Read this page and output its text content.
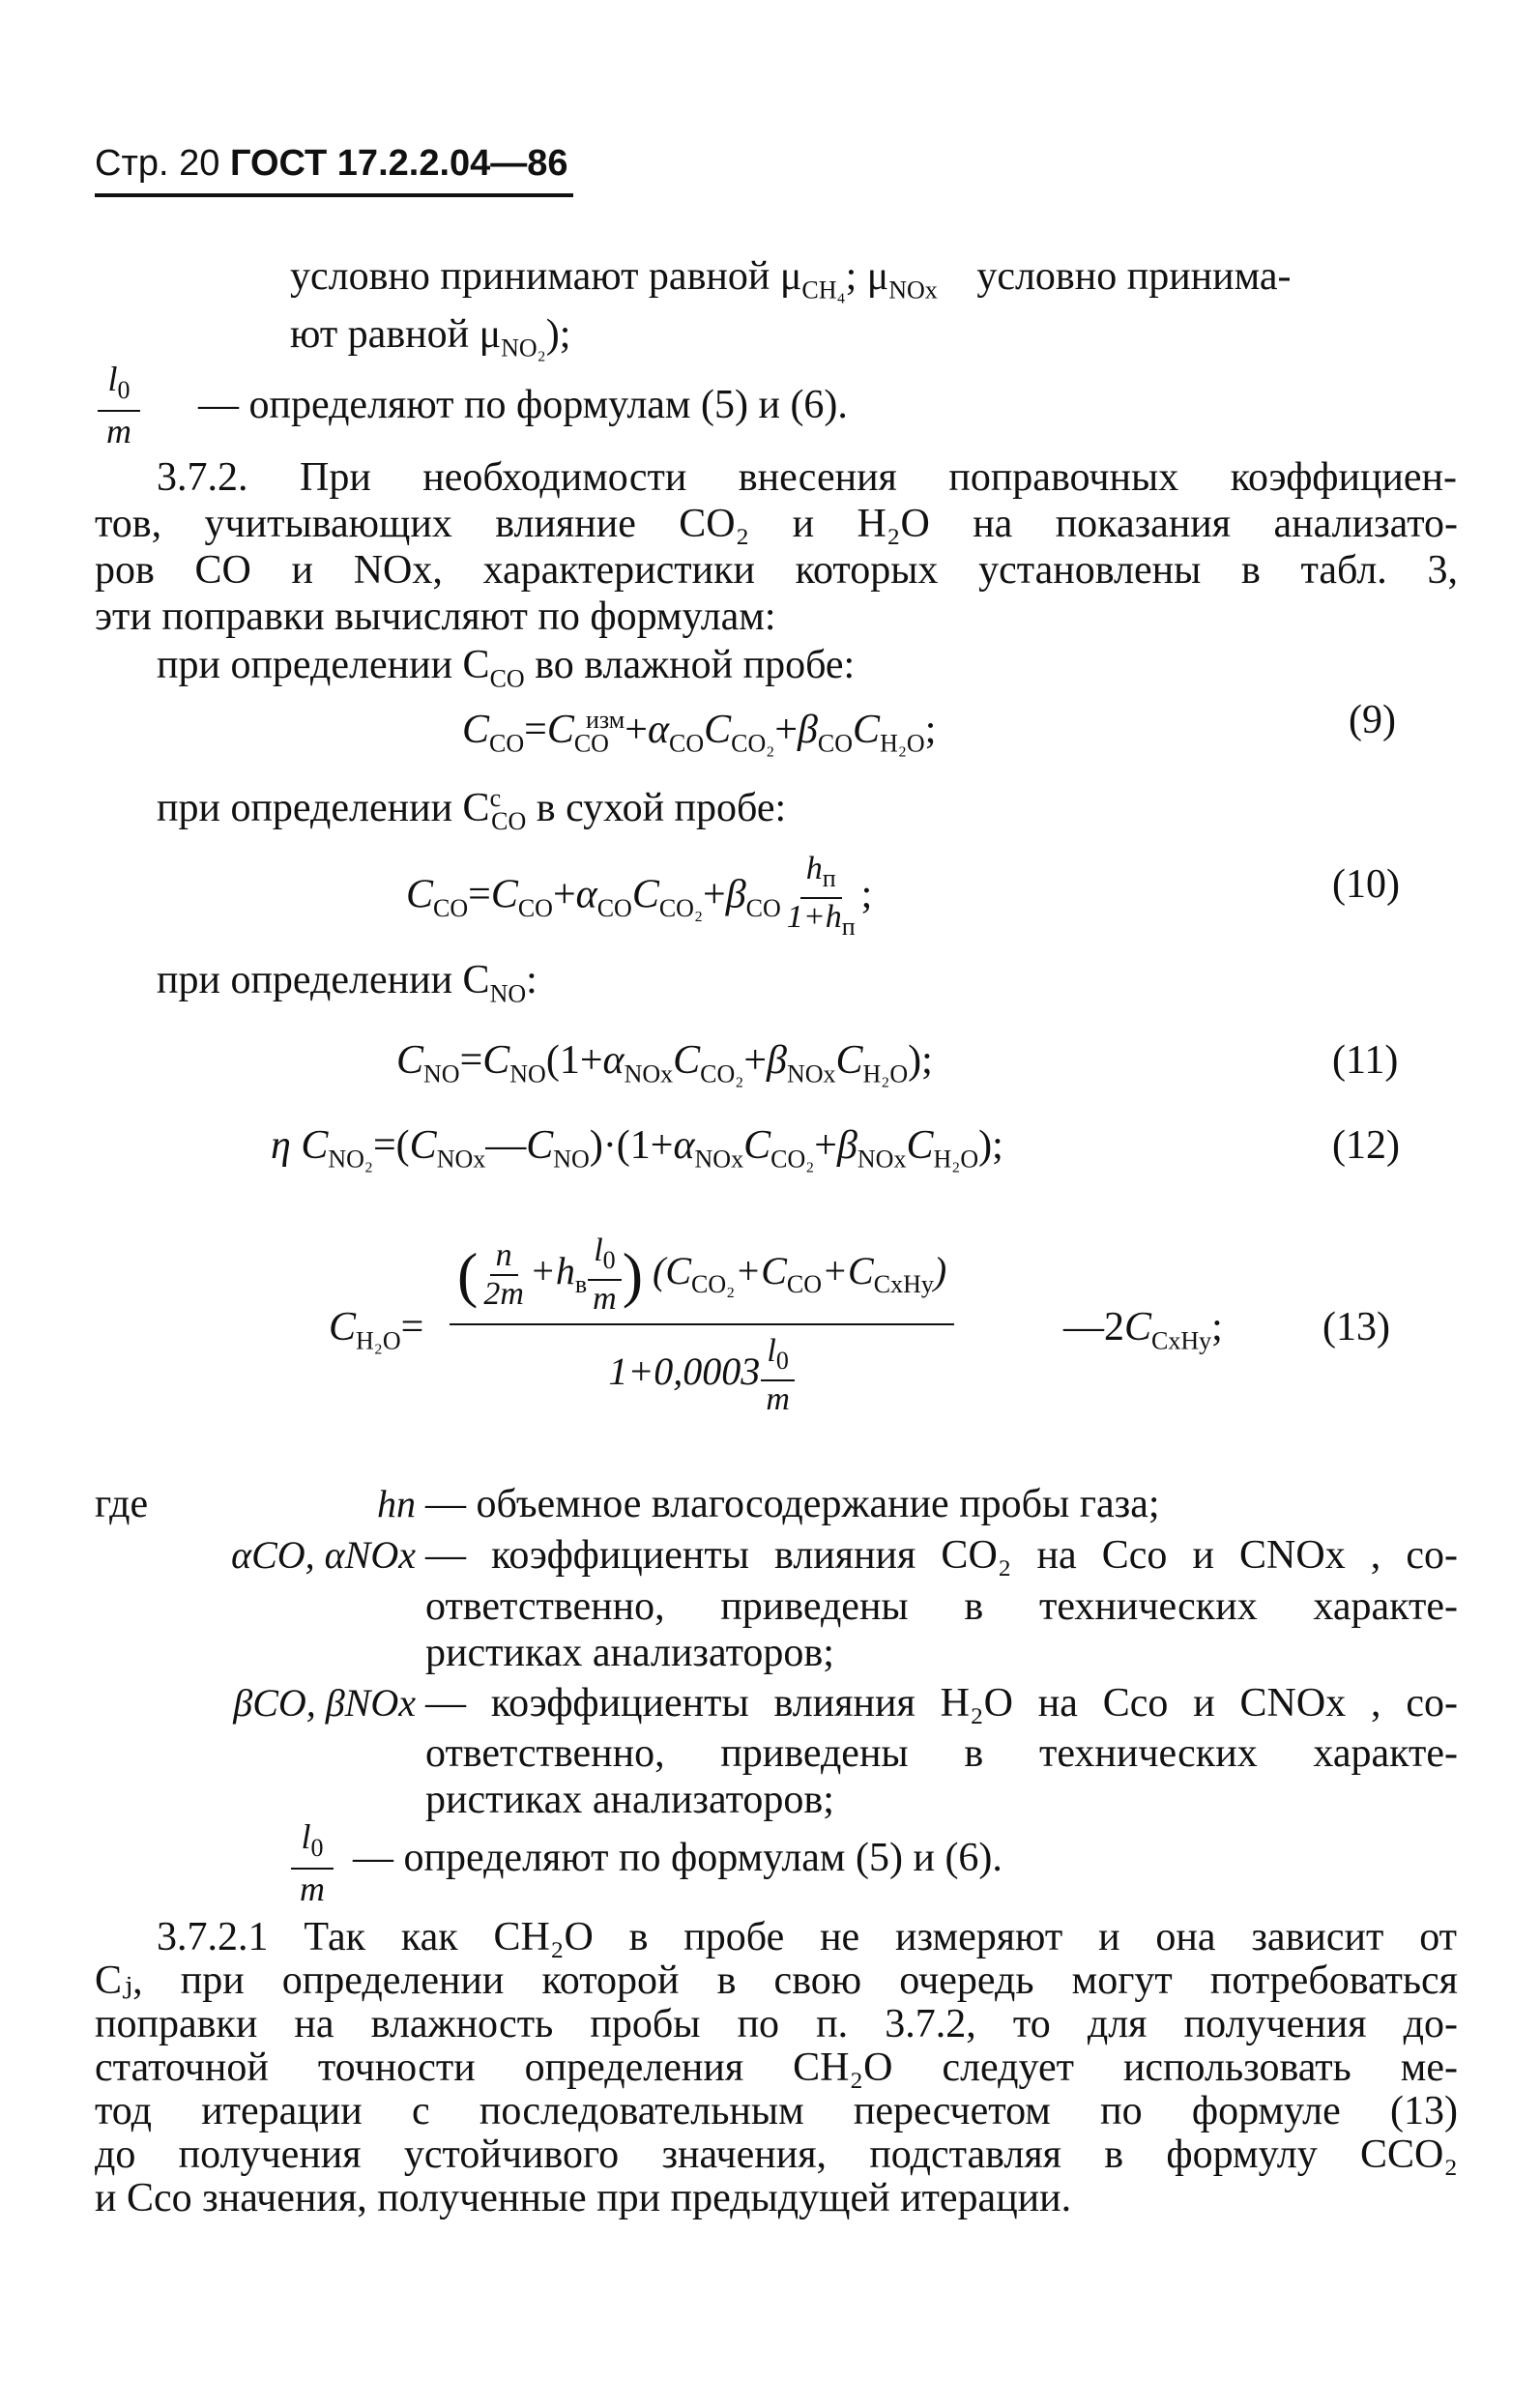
Стр. 20 ГОСТ 17.2.2.04—86
условно принимают равной $\mu_{CH_4}$; $\mu_{NOx}$ условно принима-
ют равной $\mu_{NO_2}$);
$\frac{l_0}{m}$ — определяют по формулам (5) и (6).
3.7.2. При необходимости внесения поправочных коэффициен-
тов, учитывающих влияние CO₂ и H₂O на показания анализато-
ров CO и NOx, характеристики которых установлены в табл. 3,
эти поправки вычисляют по формулам:
при определении $C_{CO}$ во влажной пробе:
$C_{CO}=C_{CO}^{изм}+\alpha_{CO}C_{CO_2}+\beta_{CO}C_{H_2O}$;	(9)
при определении $C^c_{CO}$ в сухой пробе:
$C_{CO}=C_{CO}+\alpha_{CO}C_{CO_2}+\beta_{CO}$
$h_п$
$1+h_п$
;	(10)
при определении $C_{NO}$:
$C_{NO}=C_{NO}(1+\alpha_{NOx}C_{CO_2}+\beta_{NOx}C_{H_2O})$;	(11)
η $C_{NO_2}=(C_{NOx}—C_{NO})\cdot(1+\alpha_{NOx}C_{CO_2}+\beta_{NOx}C_{H_2O})$;	(12)
$C_{H_2O}=$
( $\frac{n}{2m} +h_в \frac{l_0}{m}$ ) $(C_{CO_2}+C_{CO}+C_{CxHy})$
$1+0,0003 \frac{l_0}{m}$
$—2C_{CxHy}$; (13)
где	hп — объемное влагосодержание пробы газа;
αCO, αNOx — коэффициенты влияния CO₂ на Cco и CNOx , со-
ответственно, приведены в технических характе-
ристиках анализаторов;
βCO, βNOx — коэффициенты влияния H₂O на Cco и CNOx , со-
ответственно, приведены в технических характе-
ристиках анализаторов;
$\frac{l_0}{m}$ — определяют по формулам (5) и (6).
3.7.2.1 Так как CH₂O в пробе не измеряют и она зависит от
Cⱼ, при определении которой в свою очередь могут потребоваться
поправки на влажность пробы по п. 3.7.2, то для получения до-
статочной точности определения CH₂O следует использовать ме-
тод итерации с последовательным пересчетом по формуле (13)
до получения устойчивого значения, подставляя в формулу CCO₂
и Cco значения, полученные при предыдущей итерации.
